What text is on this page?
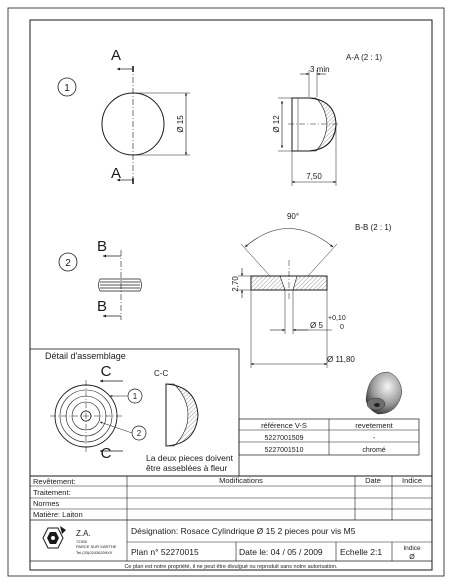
1
A
A
Ø 15
A-A (2 : 1)
3 min
Ø 12
7,50
2
B
B
B-B (2 : 1)
90°
2,70
Ø 5
+0,10
0
Ø 11,80
Détail d'assemblage
C
C
1
2
C-C
La deux pieces doivent
être asseblées à fleur
référence V-S	revetement
5227001509	-
5227001510	chromé
Revêtement:
Traitement:
Normes
Matière: Laiton
Modifications	Date	Indice
Z.A.
72300
PARCE SUR SARTHE
Tel.(33)02436209XX
Désignation: Rosace Cylindrique Ø 15 2 pieces pour vis M5
Plan n° 52270015	Date le: 04 / 05 / 2009 Echelle 2:1	Indice
Ø
Ce plan est notre propriété, il ne peut être divulgué ou reproduit sans notre autorisation.
